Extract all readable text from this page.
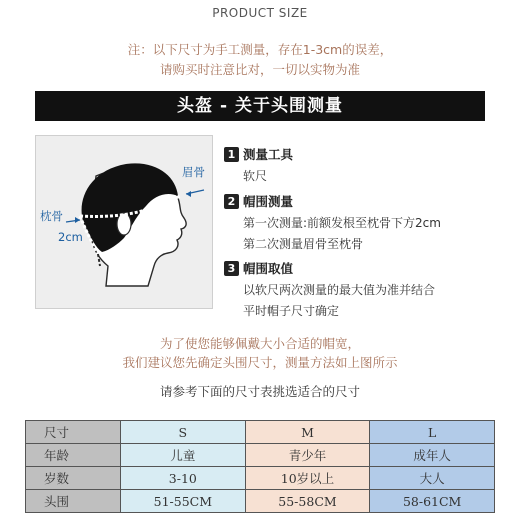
PRODUCT SIZE
注：以下尺寸为手工测量，存在1-3cm的误差，
请购买时注意比对，一切以实物为准
头盔 - 关于头围测量
眉骨
枕骨
2cm
1 测量工具
软尺
2 帽围测量
第一次测量:前额发根至枕骨下方2cm
第二次测量眉骨至枕骨
3 帽围取值
以软尺两次测量的最大值为准并结合
平时帽子尺寸确定
为了使您能够佩戴大小合适的帽宽，
我们建议您先确定头围尺寸，测量方法如上图所示
请参考下面的尺寸表挑选适合的尺寸
尺寸	S	M	L
年龄	儿童	青少年	成年人
岁数	3-10	10岁以上	大人
头围	51-55CM	55-58CM	58-61CM
